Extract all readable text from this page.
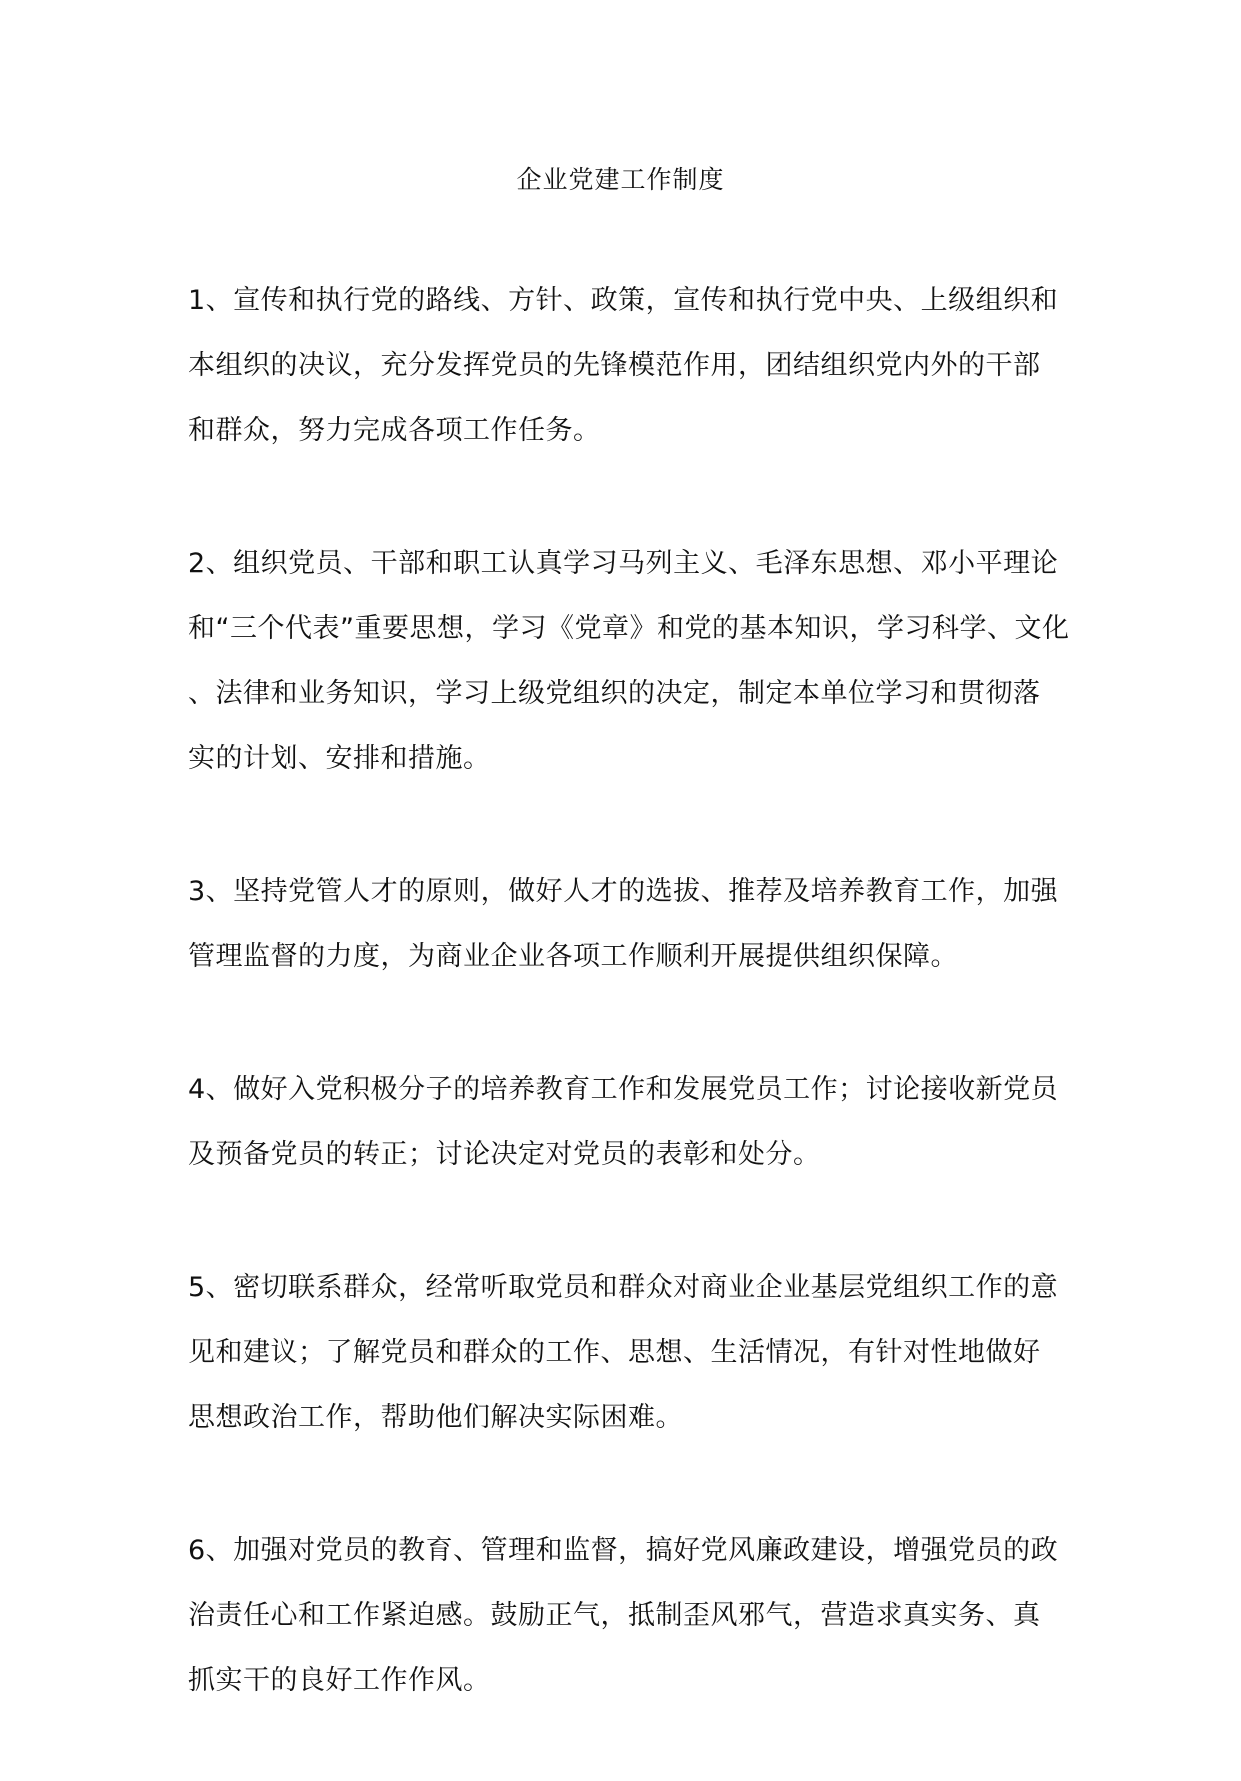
企业党建工作制度

1、宣传和执行党的路线、方针、政策，宣传和执行党中央、上级组织和
本组织的决议，充分发挥党员的先锋模范作用，团结组织党内外的干部
和群众，努力完成各项工作任务。

2、组织党员、干部和职工认真学习马列主义、毛泽东思想、邓小平理论
和“三个代表”重要思想，学习《党章》和党的基本知识，学习科学、文化
、法律和业务知识，学习上级党组织的决定，制定本单位学习和贯彻落
实的计划、安排和措施。

3、坚持党管人才的原则，做好人才的选拔、推荐及培养教育工作，加强
管理监督的力度，为商业企业各项工作顺利开展提供组织保障。

4、做好入党积极分子的培养教育工作和发展党员工作；讨论接收新党员
及预备党员的转正；讨论决定对党员的表彰和处分。

5、密切联系群众，经常听取党员和群众对商业企业基层党组织工作的意
见和建议；了解党员和群众的工作、思想、生活情况，有针对性地做好
思想政治工作，帮助他们解决实际困难。

6、加强对党员的教育、管理和监督，搞好党风廉政建设，增强党员的政
治责任心和工作紧迫感。鼓励正气，抵制歪风邪气，营造求真实务、真
抓实干的良好工作作风。
